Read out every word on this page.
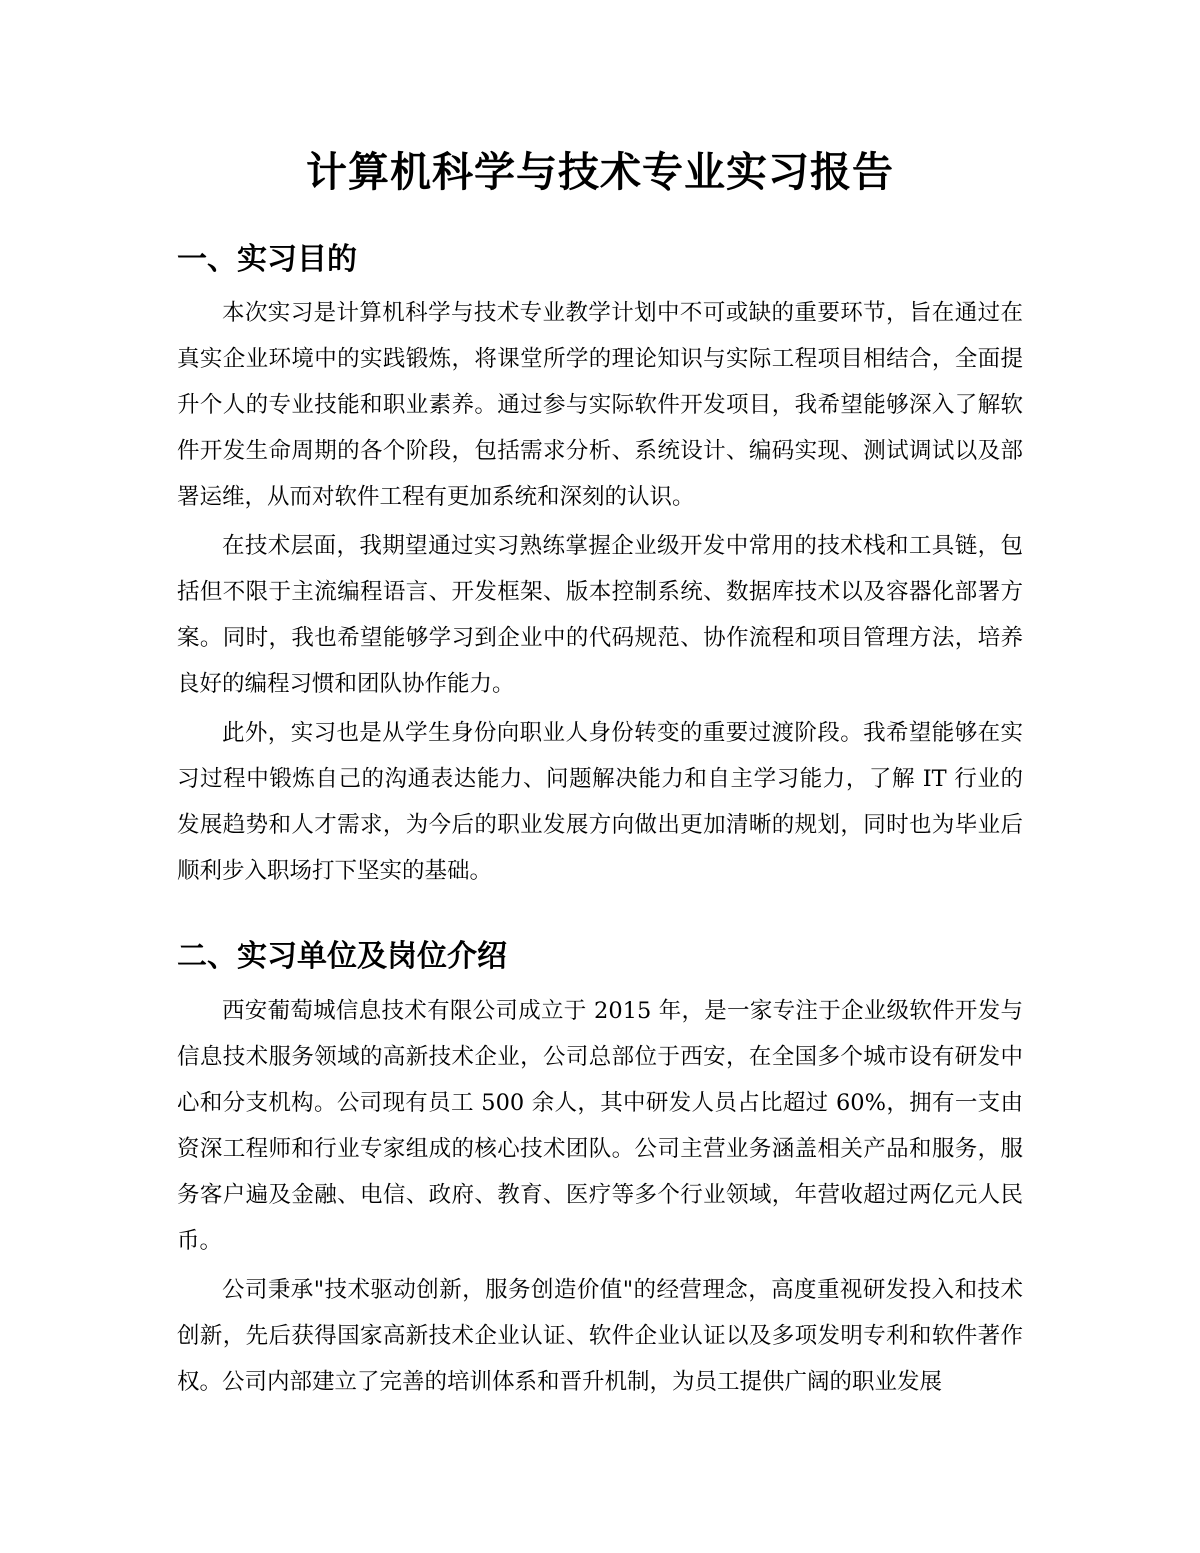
计算机科学与技术专业实习报告
一、实习目的

本次实习是计算机科学与技术专业教学计划中不可或缺的重要环节，旨在通过在真实企业环境中的实践锻炼，将课堂所学的理论知识与实际工程项目相结合，全面提升个人的专业技能和职业素养。通过参与实际软件开发项目，我希望能够深入了解软件开发生命周期的各个阶段，包括需求分析、系统设计、编码实现、测试调试以及部署运维，从而对软件工程有更加系统和深刻的认识。

在技术层面，我期望通过实习熟练掌握企业级开发中常用的技术栈和工具链，包括但不限于主流编程语言、开发框架、版本控制系统、数据库技术以及容器化部署方案。同时，我也希望能够学习到企业中的代码规范、协作流程和项目管理方法，培养良好的编程习惯和团队协作能力。

此外，实习也是从学生身份向职业人身份转变的重要过渡阶段。我希望能够在实习过程中锻炼自己的沟通表达能力、问题解决能力和自主学习能力，了解 IT 行业的发展趋势和人才需求，为今后的职业发展方向做出更加清晰的规划，同时也为毕业后顺利步入职场打下坚实的基础。

二、实习单位及岗位介绍

西安葡萄城信息技术有限公司成立于 2015 年，是一家专注于企业级软件开发与信息技术服务领域的高新技术企业，公司总部位于西安，在全国多个城市设有研发中心和分支机构。公司现有员工 500 余人，其中研发人员占比超过 60%，拥有一支由资深工程师和行业专家组成的核心技术团队。公司主营业务涵盖相关产品和服务，服务客户遍及金融、电信、政府、教育、医疗等多个行业领域，年营收超过两亿元人民币。

公司秉承"技术驱动创新，服务创造价值"的经营理念，高度重视研发投入和技术创新，先后获得国家高新技术企业认证、软件企业认证以及多项发明专利和软件著作权。公司内部建立了完善的培训体系和晋升机制，为员工提供广阔的职业发展
